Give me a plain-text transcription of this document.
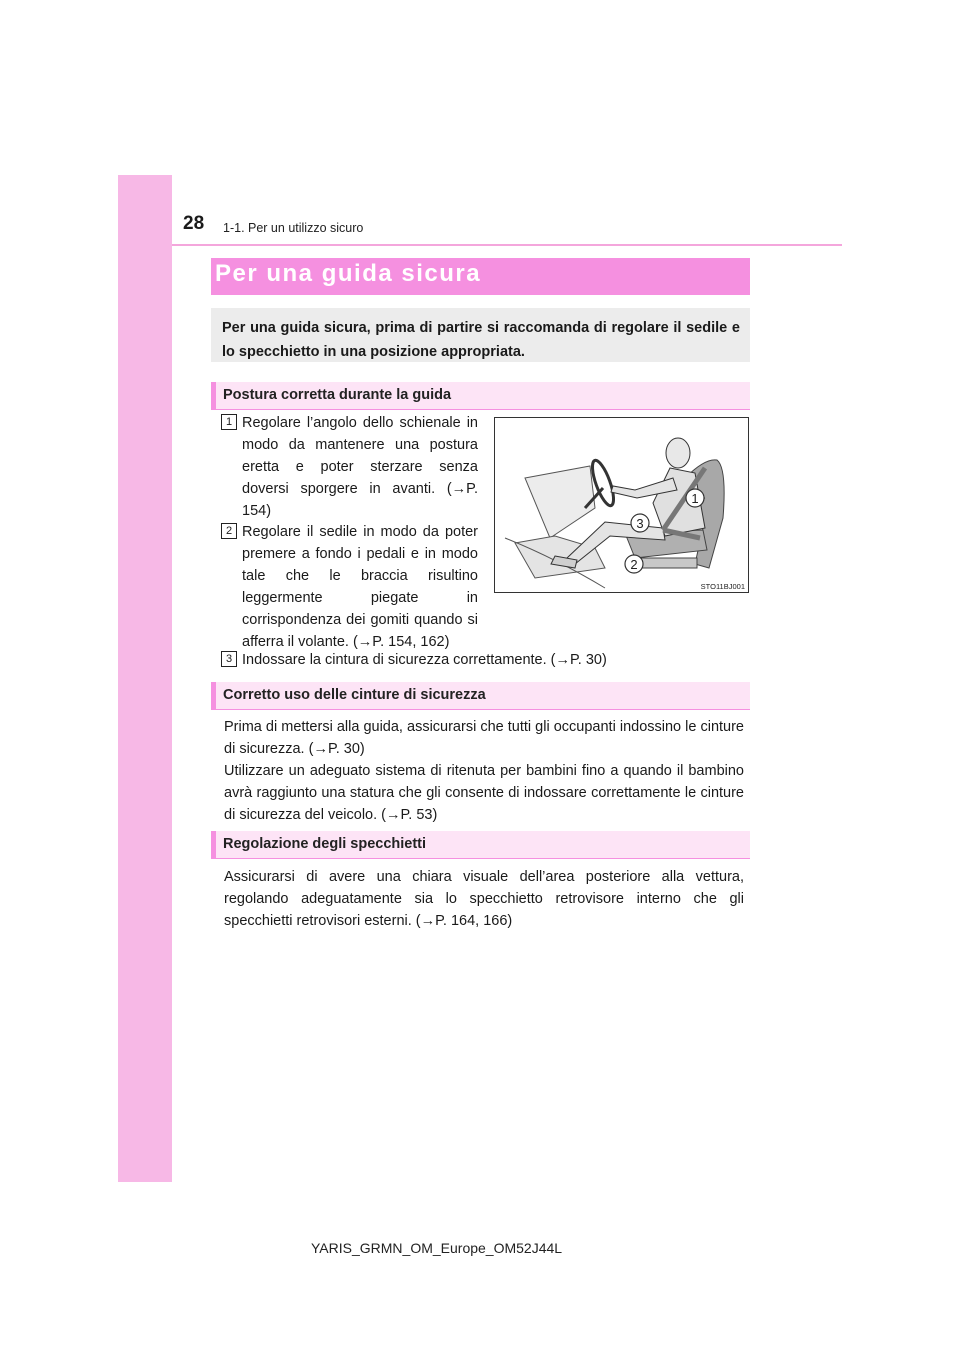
28 1-1. Per un utilizzo sicuro
Per una guida sicura
Per una guida sicura, prima di partire si raccomanda di regolare il sedile e lo specchietto in una posizione appropriata.
Postura corretta durante la guida
1 Regolare l’angolo dello schienale in modo da mantenere una postura eretta e poter sterzare senza doversi sporgere in avanti. (→P. 154)
2 Regolare il sedile in modo da poter premere a fondo i pedali e in modo tale che le braccia risultino leggermente piegate in corrispondenza dei gomiti quando si afferra il volante. (→P. 154, 162)
3 Indossare la cintura di sicurezza correttamente. (→P. 30)
1
3
2
STO11BJ001
Corretto uso delle cinture di sicurezza
Prima di mettersi alla guida, assicurarsi che tutti gli occupanti indossino le cinture di sicurezza. (→P. 30)
Utilizzare un adeguato sistema di ritenuta per bambini fino a quando il bambino avrà raggiunto una statura che gli consente di indossare correttamente le cinture di sicurezza del veicolo. (→P. 53)
Regolazione degli specchietti
Assicurarsi di avere una chiara visuale dell’area posteriore alla vettura, regolando adeguatamente sia lo specchietto retrovisore interno che gli specchietti retrovisori esterni. (→P. 164, 166)
YARIS_GRMN_OM_Europe_OM52J44L
